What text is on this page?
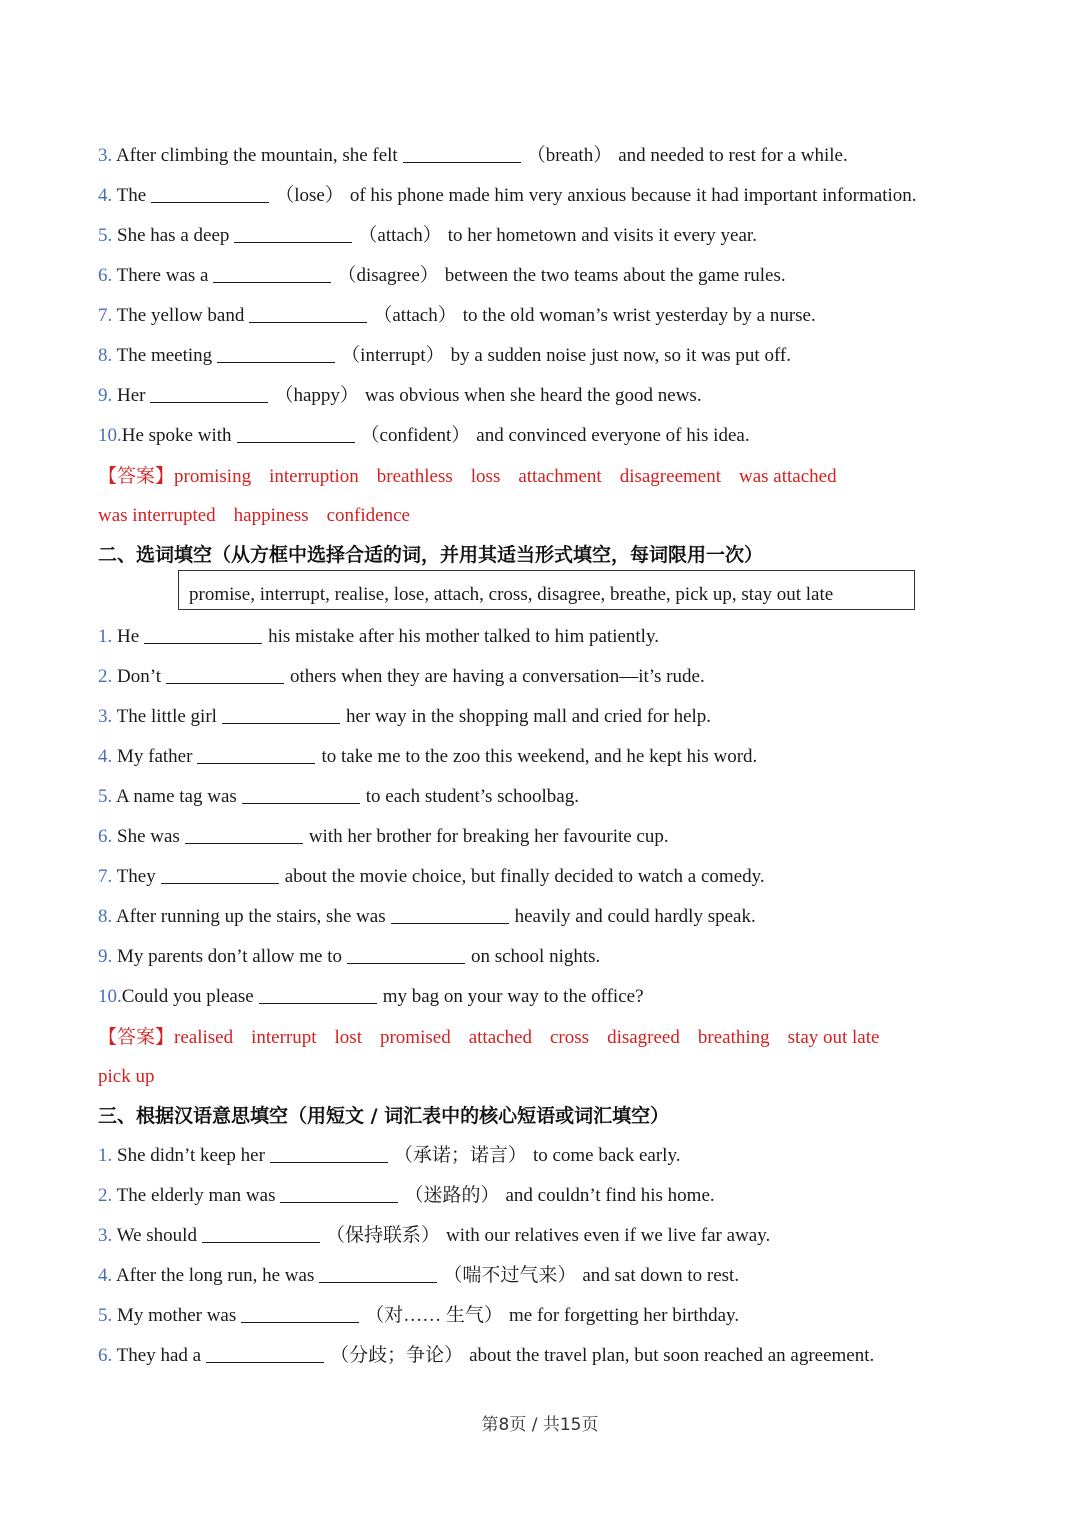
3. After climbing the mountain, she felt	（breath） and needed to rest for a while.
4. The	（lose） of his phone made him very anxious because it had important information.
5. She has a deep	（attach） to her hometown and visits it every year.
6. There was a	（disagree） between the two teams about the game rules.
7. The yellow band	（attach） to the old woman’s wrist yesterday by a nurse.
8. The meeting	（interrupt） by a sudden noise just now, so it was put off.
9. Her	（happy） was obvious when she heard the good news.
10.He spoke with	（confident） and convinced everyone of his idea.
【答案】promising interruption breathless loss attachment disagreement was attached
was interrupted happiness confidence
二、选词填空（从方框中选择合适的词，并用其适当形式填空，每词限用一次）
promise, interrupt, realise, lose, attach, cross, disagree, breathe, pick up, stay out late
1. He	his mistake after his mother talked to him patiently.
2. Don’t	others when they are having a conversation—it’s rude.
3. The little girl	her way in the shopping mall and cried for help.
4. My father	to take me to the zoo this weekend, and he kept his word.
5. A name tag was	to each student’s schoolbag.
6. She was	with her brother for breaking her favourite cup.
7. They	about the movie choice, but finally decided to watch a comedy.
8. After running up the stairs, she was	heavily and could hardly speak.
9. My parents don’t allow me to	on school nights.
10.Could you please	my bag on your way to the office?
【答案】realised interrupt lost promised attached cross disagreed breathing stay out late
pick up
三、根据汉语意思填空（用短文 / 词汇表中的核心短语或词汇填空）
1. She didn’t keep her	（承诺；诺言） to come back early.
2. The elderly man was	（迷路的） and couldn’t find his home.
3. We should	（保持联系） with our relatives even if we live far away.
4. After the long run, he was	（喘不过气来） and sat down to rest.
5. My mother was	（对…… 生气） me for forgetting her birthday.
6. They had a	（分歧；争论） about the travel plan, but soon reached an agreement.
第8页 / 共15页
